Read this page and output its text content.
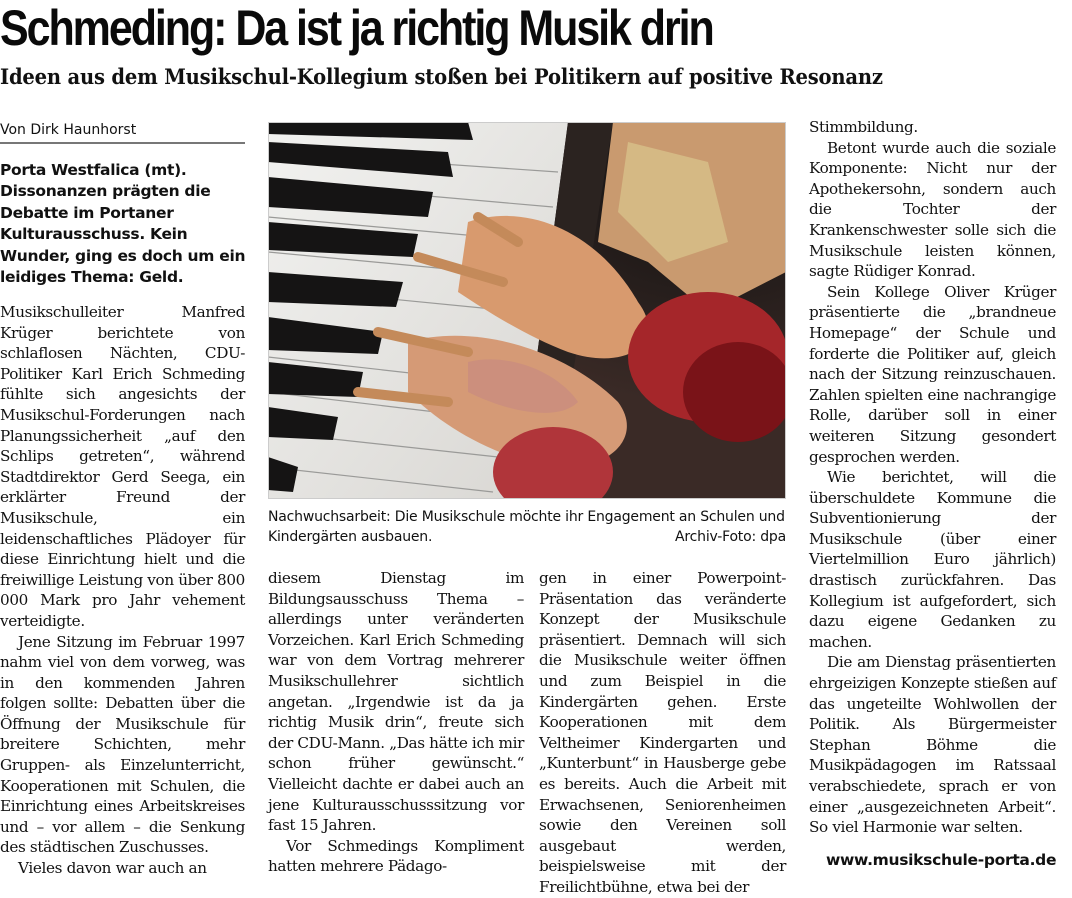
Schmeding: Da ist ja richtig Musik drin
Ideen aus dem Musikschul-Kollegium stoßen bei Politikern auf positive Resonanz
Von Dirk Haunhorst
Porta Westfalica (mt). Dissonanzen prägten die Debatte im Portaner Kulturausschuss. Kein Wunder, ging es doch um ein leidiges Thema: Geld.

Musikschulleiter Manfred Krüger berichtete von schlaflosen Nächten, CDU-Politiker Karl Erich Schmeding fühlte sich angesichts der Musikschul-Forderungen nach Planungssicherheit „auf den Schlips getreten“, während Stadtdirektor Gerd Seega, ein erklärter Freund der Musikschule, ein leidenschaftliches Plädoyer für diese Einrichtung hielt und die freiwillige Leistung von über 800 000 Mark pro Jahr vehement verteidigte.

Jene Sitzung im Februar 1997 nahm viel von dem vorweg, was in den kommenden Jahren folgen sollte: Debatten über die Öffnung der Musikschule für breitere Schichten, mehr Gruppen- als Einzelunterricht, Kooperationen mit Schulen, die Einrichtung eines Arbeitskreises und – vor allem – die Senkung des städtischen Zuschusses.

Vieles davon war auch an

Nachwuchsarbeit: Die Musikschule möchte ihr Engagement an Schulen und Kindergärten ausbauen.	Archiv-Foto: dpa

diesem Dienstag im Bildungsausschuss Thema – allerdings unter veränderten Vorzeichen. Karl Erich Schmeding war von dem Vortrag mehrerer Musikschullehrer sichtlich angetan. „Irgendwie ist da ja richtig Musik drin“, freute sich der CDU-Mann. „Das hätte ich mir schon früher gewünscht.“ Vielleicht dachte er dabei auch an jene Kulturausschusssitzung vor fast 15 Jahren.

Vor Schmedings Kompliment hatten mehrere Pädago-

gen in einer Powerpoint-Präsentation das veränderte Konzept der Musikschule präsentiert. Demnach will sich die Musikschule weiter öffnen und zum Beispiel in die Kindergärten gehen. Erste Kooperationen mit dem Veltheimer Kindergarten und „Kunterbunt“ in Hausberge gebe es bereits. Auch die Arbeit mit Erwachsenen, Seniorenheimen sowie den Vereinen soll ausgebaut werden, beispielsweise mit der Freilichtbühne, etwa bei der

Stimmbildung.

Betont wurde auch die soziale Komponente: Nicht nur der Apothekersohn, sondern auch die Tochter der Krankenschwester solle sich die Musikschule leisten können, sagte Rüdiger Konrad.

Sein Kollege Oliver Krüger präsentierte die „brandneue Homepage“ der Schule und forderte die Politiker auf, gleich nach der Sitzung reinzuschauen. Zahlen spielten eine nachrangige Rolle, darüber soll in einer weiteren Sitzung gesondert gesprochen werden.

Wie berichtet, will die überschuldete Kommune die Subventionierung der Musikschule (über einer Viertelmillion Euro jährlich) drastisch zurückfahren. Das Kollegium ist aufgefordert, sich dazu eigene Gedanken zu machen.

Die am Dienstag präsentierten ehrgeizigen Konzepte stießen auf das ungeteilte Wohlwollen der Politik. Als Bürgermeister Stephan Böhme die Musikpädagogen im Ratssaal verabschiedete, sprach er von einer „ausgezeichneten Arbeit“. So viel Harmonie war selten.

www.musikschule-porta.de
